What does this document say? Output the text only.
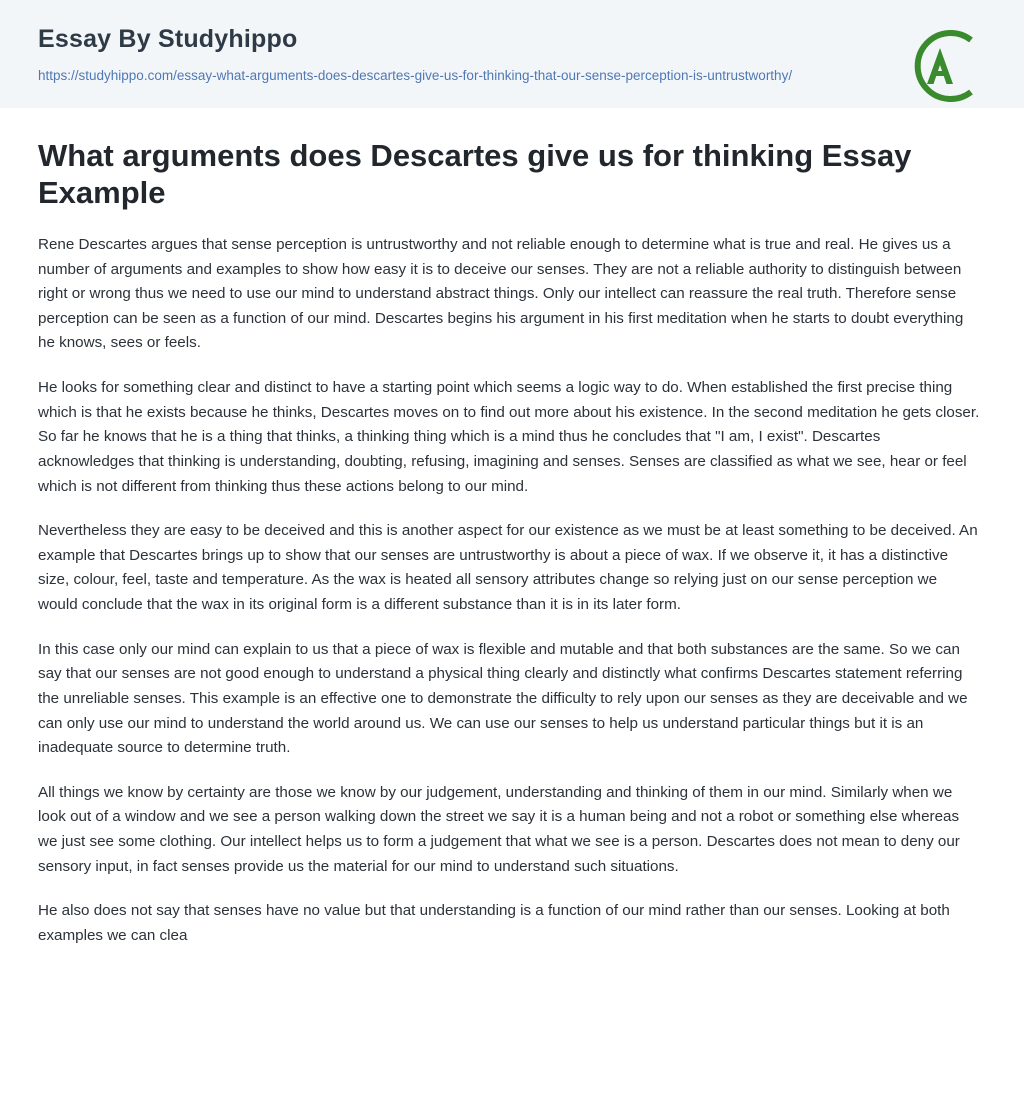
Essay By Studyhippo
https://studyhippo.com/essay-what-arguments-does-descartes-give-us-for-thinking-that-our-sense-perception-is-untrustworthy/
What arguments does Descartes give us for thinking Essay Example

Rene Descartes argues that sense perception is untrustworthy and not reliable enough to determine what is true and real. He gives us a number of arguments and examples to show how easy it is to deceive our senses. They are not a reliable authority to distinguish between right or wrong thus we need to use our mind to understand abstract things. Only our intellect can reassure the real truth. Therefore sense perception can be seen as a function of our mind. Descartes begins his argument in his first meditation when he starts to doubt everything he knows, sees or feels.

He looks for something clear and distinct to have a starting point which seems a logic way to do. When established the first precise thing which is that he exists because he thinks, Descartes moves on to find out more about his existence. In the second meditation he gets closer. So far he knows that he is a thing that thinks, a thinking thing which is a mind thus he concludes that "I am, I exist". Descartes acknowledges that thinking is understanding, doubting, refusing, imagining and senses. Senses are classified as what we see, hear or feel which is not different from thinking thus these actions belong to our mind.

Nevertheless they are easy to be deceived and this is another aspect for our existence as we must be at least something to be deceived. An example that Descartes brings up to show that our senses are untrustworthy is about a piece of wax. If we observe it, it has a distinctive size, colour, feel, taste and temperature. As the wax is heated all sensory attributes change so relying just on our sense perception we would conclude that the wax in its original form is a different substance than it is in its later form.

In this case only our mind can explain to us that a piece of wax is flexible and mutable and that both substances are the same. So we can say that our senses are not good enough to understand a physical thing clearly and distinctly what confirms Descartes statement referring the unreliable senses. This example is an effective one to demonstrate the difficulty to rely upon our senses as they are deceivable and we can only use our mind to understand the world around us. We can use our senses to help us understand particular things but it is an inadequate source to determine truth.

All things we know by certainty are those we know by our judgement, understanding and thinking of them in our mind. Similarly when we look out of a window and we see a person walking down the street we say it is a human being and not a robot or something else whereas we just see some clothing. Our intellect helps us to form a judgement that what we see is a person. Descartes does not mean to deny our sensory input, in fact senses provide us the material for our mind to understand such situations.

He also does not say that senses have no value but that understanding is a function of our mind rather than our senses. Looking at both examples we can clea
